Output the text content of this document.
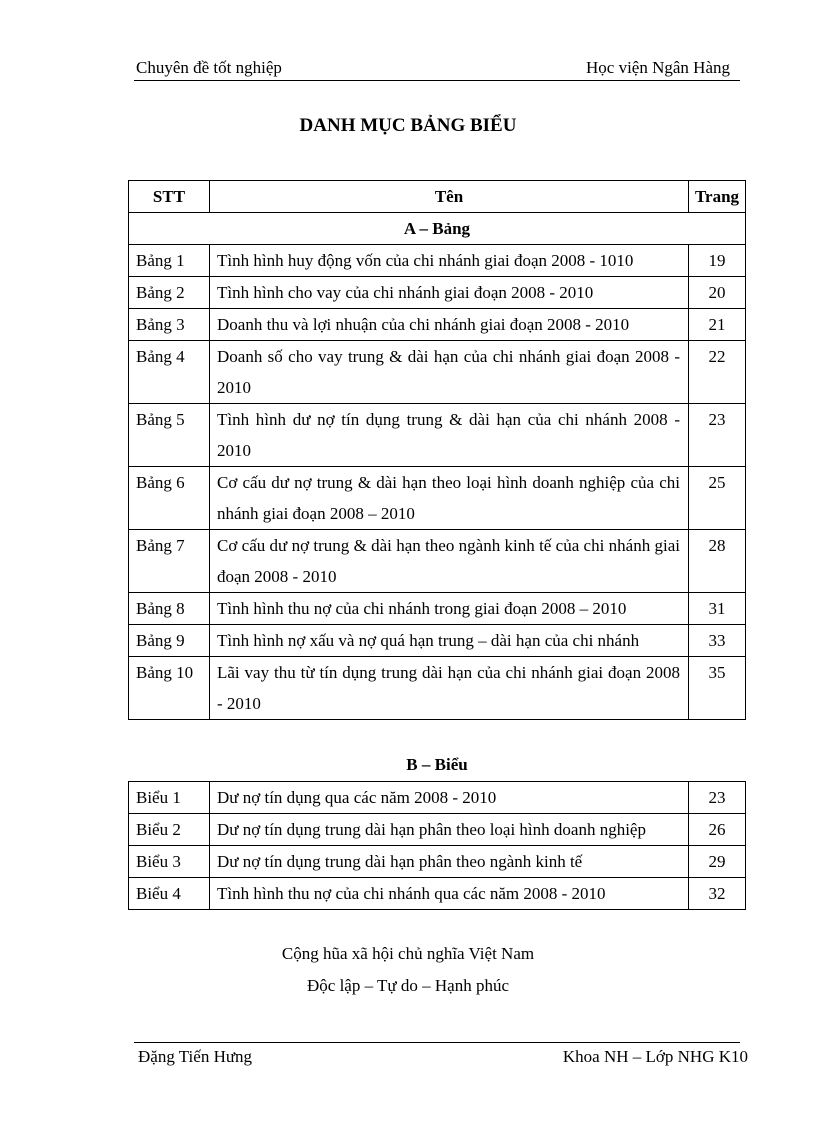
Chuyên đề tốt nghiệp	Học viện Ngân Hàng
DANH MỤC BẢNG BIỂU
STT	Tên	Trang
A – Bảng		
Bảng 1	Tình hình huy động vốn của chi nhánh giai đoạn 2008 - 1010	19
Bảng 2	Tình hình cho vay của chi nhánh giai đoạn 2008 - 2010	20
Bảng 3	Doanh thu và lợi nhuận của chi nhánh giai đoạn 2008 - 2010	21
Bảng 4	Doanh số cho vay trung & dài hạn của chi nhánh giai đoạn 2008 - 2010	22
Bảng 5	Tình hình dư nợ tín dụng trung & dài hạn của chi nhánh 2008 - 2010	23
Bảng 6	Cơ cấu dư nợ trung & dài hạn theo loại hình doanh nghiệp của chi nhánh giai đoạn 2008 – 2010	25
Bảng 7	Cơ cấu dư nợ trung & dài hạn theo ngành kinh tế của chi nhánh giai đoạn 2008 - 2010	28
Bảng 8	Tình hình thu nợ của chi nhánh trong giai đoạn 2008 – 2010	31
Bảng 9	Tình hình nợ xấu và nợ quá hạn trung – dài hạn của chi nhánh	33
Bảng 10	Lãi vay thu từ tín dụng trung dài hạn của chi nhánh giai đoạn 2008 - 2010	35
B – Biểu
Biểu 1	Dư nợ tín dụng qua các năm 2008 - 2010	23
Biểu 2	Dư nợ tín dụng trung dài hạn phân theo loại hình doanh nghiệp	26
Biểu 3	Dư nợ tín dụng trung dài hạn phân theo ngành kinh tế	29
Biểu 4	Tình hình thu nợ của chi nhánh qua các năm 2008 - 2010	32
Cộng hũa xã hội chủ nghĩa Việt Nam
Độc lập – Tự do – Hạnh phúc
Đặng Tiến Hưng	Khoa NH – Lớp NHG K10
